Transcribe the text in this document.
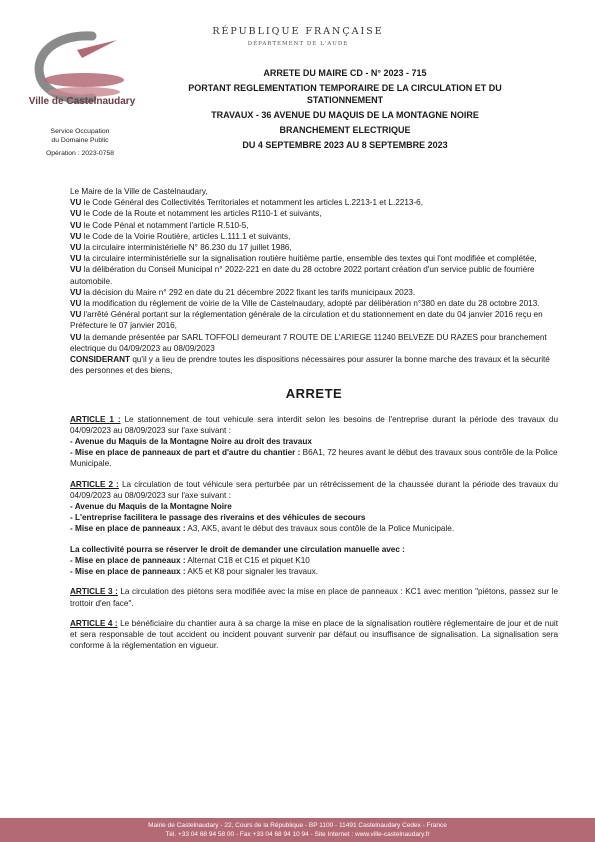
Ville de Castelnaudary
RÉPUBLIQUE FRANÇAISE
DÉPARTEMENT DE L'AUDE
Service Occupation
du Domaine Public
Opération : 2023-0758
ARRETE DU MAIRE CD - N° 2023 - 715
PORTANT REGLEMENTATION TEMPORAIRE DE LA CIRCULATION ET DU STATIONNEMENT
TRAVAUX - 36 AVENUE DU MAQUIS DE LA MONTAGNE NOIRE
BRANCHEMENT ELECTRIQUE
DU 4 SEPTEMBRE 2023 AU 8 SEPTEMBRE 2023

Le Maire de la Ville de Castelnaudary,

VU le Code Général des Collectivités Territoriales et notamment les articles L.2213-1 et L.2213-6,

VU le Code de la Route et notamment les articles R110-1 et suivants,

VU le Code Pénal et notamment l'article R.510-5,

VU le Code de la Voirie Routière, articles L.111.1 et suivants,

VU la circulaire interministérielle N° 86.230 du 17 juillet 1986,

VU la circulaire interministérielle sur la signalisation routière huitième partie, ensemble des textes qui l'ont modifiée et complétée,

VU la délibération du Conseil Municipal n° 2022-221 en date du 28 octobre 2022 portant création d'un service public de fourrière automobile.

VU la décision du Maire n° 292 en date du 21 décembre 2022 fixant les tarifs municipaux 2023.

VU la modification du règlement de voirie de la Ville de Castelnaudary, adopté par délibération n°380 en date du 28 octobre 2013.

VU l'arrêté Général portant sur la réglementation générale de la circulation et du stationnement en date du 04 janvier 2016 reçu en Préfecture le 07 janvier 2016,

VU la demande présentée par SARL TOFFOLI demeurant 7 ROUTE DE L'ARIEGE 11240 BELVEZE DU RAZES pour branchement electrique du 04/09/2023 au 08/09/2023

CONSIDERANT qu'il y a lieu de prendre toutes les dispositions nécessaires pour assurer la bonne marche des travaux et la sécurité des personnes et des biens,

ARRETE

ARTICLE 1 : Le stationnement de tout vehicule sera interdit selon les besoins de l'entreprise durant la période des travaux du 04/09/2023 au 08/09/2023 sur l'axe suivant :

- Avenue du Maquis de la Montagne Noire au droit des travaux

- Mise en place de panneaux de part et d'autre du chantier : B6A1, 72 heures avant le début des travaux sous contrôle de la Police Municipale.

ARTICLE 2 : La circulation de tout véhicule sera perturbée par un rétrécissement de la chaussée durant la période des travaux du 04/09/2023 au 08/09/2023 sur l'axe suivant :

- Avenue du Maquis de la Montagne Noire

- L'entreprise facilitera le passage des riverains et des véhicules de secours

- Mise en place de panneaux : A3, AK5, avant le début des travaux sous contôle de la Police Municipale.

La collectivité pourra se réserver le droit de demander une circulation manuelle avec :

- Mise en place de panneaux : Alternat C18 et C15 et piquet K10

- Mise en place de panneaux : AK5 et K8 pour signaler les travaux.

ARTICLE 3 : La circulation des piétons sera modifiée avec la mise en place de panneaux : KC1 avec mention "piétons, passez sur le trottoir d'en face".

ARTICLE 4 : Le bénéficiaire du chantier aura à sa charge la mise en place de la signalisation routière réglementaire de jour et de nuit et sera responsable de tout accident ou incident pouvant survenir par défaut ou insuffisance de signalisation. La signalisation sera conforme à la réglementation en vigueur.

Mairie de Castelnaudary - 22, Cours de la République - BP 1100 - 11491 Castelnaudary Cedex - France
Tél. +33 04 68 94 58 00 - Fax +33 04 68 94 10 94 - Site Internet : www.ville-castelnaudary.fr
